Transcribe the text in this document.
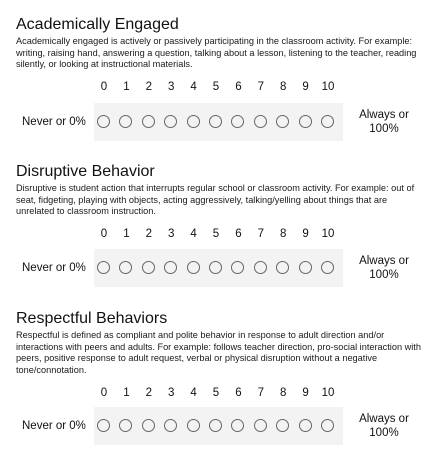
Academically Engaged

Academically engaged is actively or passively participating in the classroom activity. For example: writing, raising hand, answering a question, talking about a lesson, listening to the teacher, reading silently, or looking at instructional materials.

0	1	2	3	4	5	6	7	8	9	10
Never or 0%
Always or 100%
Disruptive Behavior

Disruptive is student action that interrupts regular school or classroom activity. For example: out of seat, fidgeting, playing with objects, acting aggressively, talking/yelling about things that are unrelated to classroom instruction.

0	1	2	3	4	5	6	7	8	9	10
Never or 0%
Always or 100%
Respectful Behaviors

Respectful is defined as compliant and polite behavior in response to adult direction and/or interactions with peers and adults. For example: follows teacher direction, pro-social interaction with peers, positive response to adult request, verbal or physical disruption without a negative tone/connotation.

0	1	2	3	4	5	6	7	8	9	10
Never or 0%
Always or 100%
